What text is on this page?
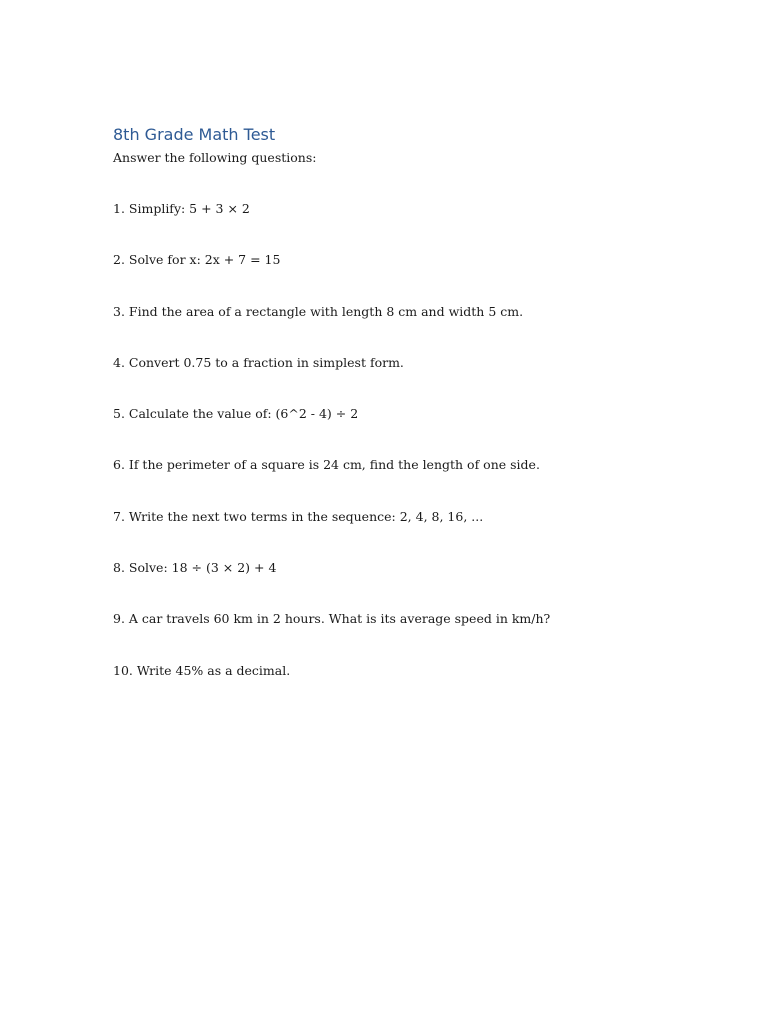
8th Grade Math Test

Answer the following questions:

1. Simplify: 5 + 3 × 2
2. Solve for x: 2x + 7 = 15
3. Find the area of a rectangle with length 8 cm and width 5 cm.
4. Convert 0.75 to a fraction in simplest form.
5. Calculate the value of: (6^2 - 4) ÷ 2
6. If the perimeter of a square is 24 cm, find the length of one side.
7. Write the next two terms in the sequence: 2, 4, 8, 16, ...
8. Solve: 18 ÷ (3 × 2) + 4
9. A car travels 60 km in 2 hours. What is its average speed in km/h?
10. Write 45% as a decimal.
